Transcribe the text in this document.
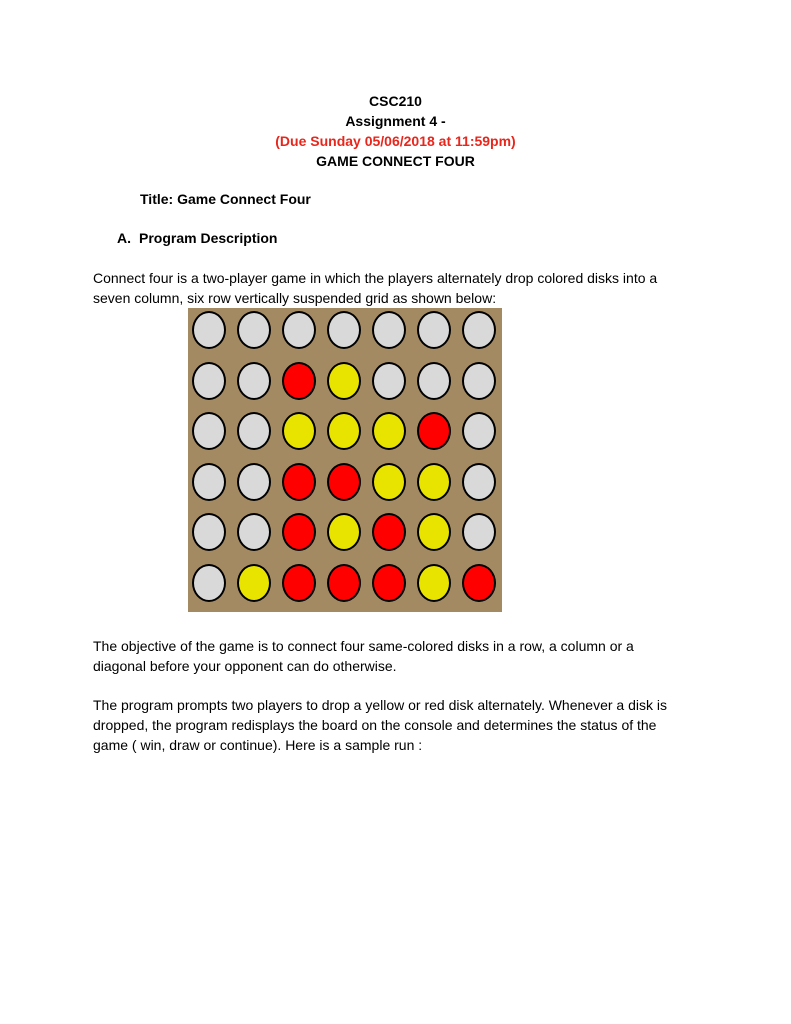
CSC210
Assignment 4 -
(Due Sunday 05/06/2018 at 11:59pm)
GAME CONNECT FOUR
Title: Game Connect Four
A. Program Description
Connect four is a two-player game in which the players alternately drop colored disks into a
seven column, six row vertically suspended grid as shown below:
The objective of the game is to connect four same-colored disks in a row, a column or a
diagonal before your opponent can do otherwise.
The program prompts two players to drop a yellow or red disk alternately. Whenever a disk is
dropped, the program redisplays the board on the console and determines the status of the
game ( win, draw or continue). Here is a sample run :
